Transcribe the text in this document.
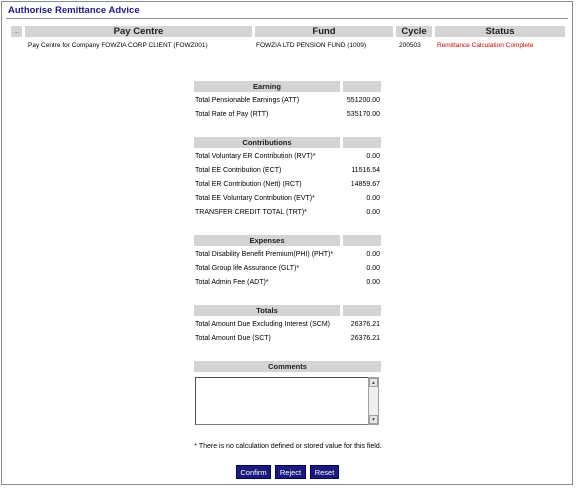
Authorise Remittance Advice
...	Pay Centre	Fund	Cycle	Status
Pay Centre for Company FOWZIA CORP CLIENT (FOWZ001)	FOWZIA LTD PENSION FUND (1009)	200503	Remittance Calculation Complete
Earning
Total Pensionable Earnings (ATT)	551200.00
Total Rate of Pay (RTT)	535170.00
Contributions
Total Voluntary ER Contribution (RVT)*	0.00
Total EE Contribution (ECT)	11516.54
Total ER Contribution (Nett) (RCT)	14859.67
Total EE Voluntary Contribution (EVT)*	0.00
TRANSFER CREDIT TOTAL (TRT)*	0.00
Expenses
Total Disability Benefit Premium(PHI) (PHT)*	0.00
Total Group life Assurance (GLT)*	0.00
Total Admin Fee (ADT)*	0.00
Totals
Total Amount Due Excluding Interest (SCM)	26376.21
Total Amount Due (SCT)	26376.21
Comments
▲
▼
* There is no calculation defined or stored value for this field.
Confirm	Reject	Reset
